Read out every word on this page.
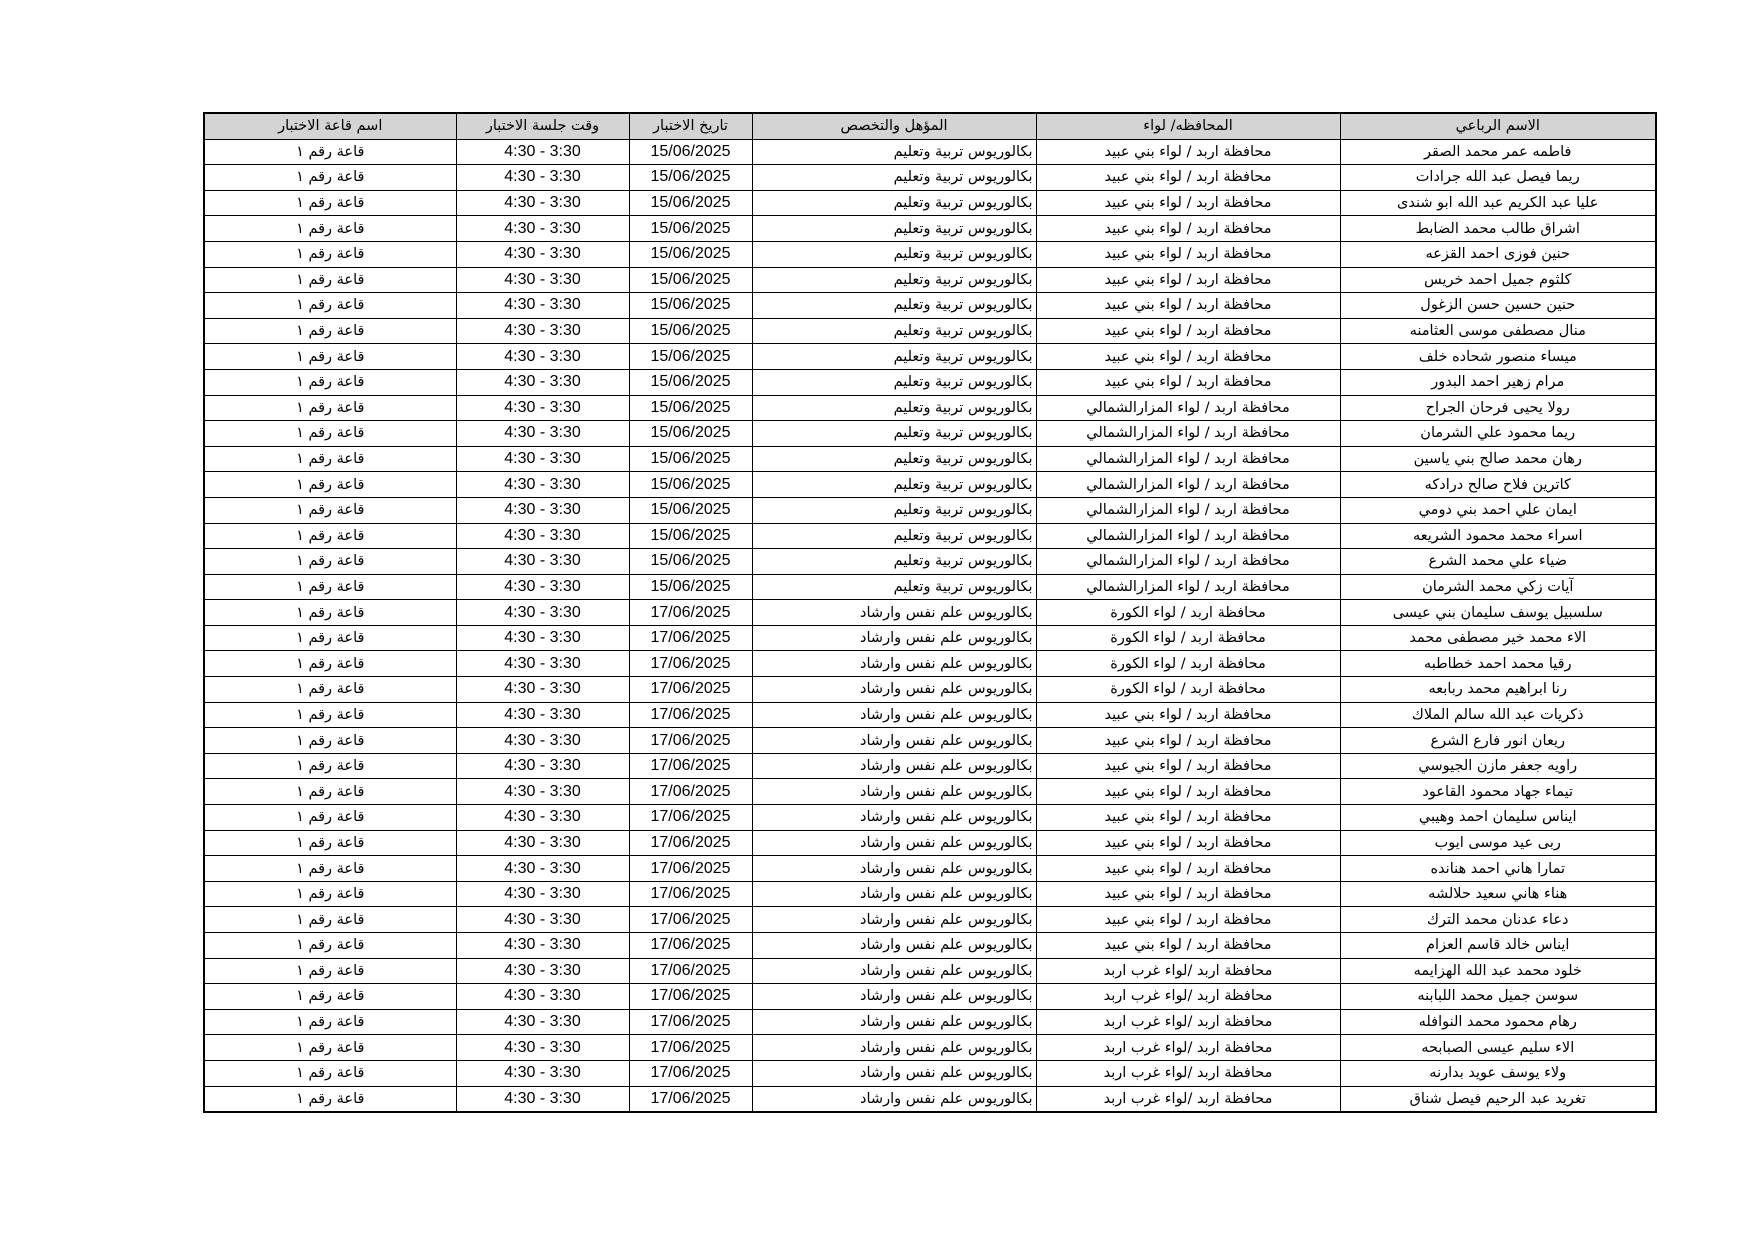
الاسم الرباعي	المحافظه/ لواء	المؤهل والتخصص	تاريخ الاختبار	وقت جلسة الاختبار	اسم قاعة الاختبار
فاطمه عمر محمد الصقر	محافظة اربد / لواء بني عبيد	بكالوريوس تربية وتعليم	15/06/2025	4:30 - 3:30	قاعة رقم ١
ريما فيصل عبد الله جرادات	محافظة اربد / لواء بني عبيد	بكالوريوس تربية وتعليم	15/06/2025	4:30 - 3:30	قاعة رقم ١
عليا عبد الكريم عبد الله ابو شندى	محافظة اربد / لواء بني عبيد	بكالوريوس تربية وتعليم	15/06/2025	4:30 - 3:30	قاعة رقم ١
اشراق طالب محمد الضابط	محافظة اربد / لواء بني عبيد	بكالوريوس تربية وتعليم	15/06/2025	4:30 - 3:30	قاعة رقم ١
حنين فوزى احمد القزعه	محافظة اربد / لواء بني عبيد	بكالوريوس تربية وتعليم	15/06/2025	4:30 - 3:30	قاعة رقم ١
كلثوم جميل احمد خريس	محافظة اربد / لواء بني عبيد	بكالوريوس تربية وتعليم	15/06/2025	4:30 - 3:30	قاعة رقم ١
حنين حسين حسن الزغول	محافظة اربد / لواء بني عبيد	بكالوريوس تربية وتعليم	15/06/2025	4:30 - 3:30	قاعة رقم ١
منال مصطفى موسى العثامنه	محافظة اربد / لواء بني عبيد	بكالوريوس تربية وتعليم	15/06/2025	4:30 - 3:30	قاعة رقم ١
ميساء منصور شحاده خلف	محافظة اربد / لواء بني عبيد	بكالوريوس تربية وتعليم	15/06/2025	4:30 - 3:30	قاعة رقم ١
مرام زهير احمد البدور	محافظة اربد / لواء بني عبيد	بكالوريوس تربية وتعليم	15/06/2025	4:30 - 3:30	قاعة رقم ١
رولا يحيى فرحان الجراح	محافظة اربد / لواء المزارالشمالي	بكالوريوس تربية وتعليم	15/06/2025	4:30 - 3:30	قاعة رقم ١
ريما محمود علي الشرمان	محافظة اربد / لواء المزارالشمالي	بكالوريوس تربية وتعليم	15/06/2025	4:30 - 3:30	قاعة رقم ١
رهان محمد صالح بني ياسين	محافظة اربد / لواء المزارالشمالي	بكالوريوس تربية وتعليم	15/06/2025	4:30 - 3:30	قاعة رقم ١
كاترين فلاح صالح درادكه	محافظة اربد / لواء المزارالشمالي	بكالوريوس تربية وتعليم	15/06/2025	4:30 - 3:30	قاعة رقم ١
ايمان علي احمد بني دومي	محافظة اربد / لواء المزارالشمالي	بكالوريوس تربية وتعليم	15/06/2025	4:30 - 3:30	قاعة رقم ١
اسراء محمد محمود الشريعه	محافظة اربد / لواء المزارالشمالي	بكالوريوس تربية وتعليم	15/06/2025	4:30 - 3:30	قاعة رقم ١
ضياء علي محمد الشرع	محافظة اربد / لواء المزارالشمالي	بكالوريوس تربية وتعليم	15/06/2025	4:30 - 3:30	قاعة رقم ١
آيات زكي محمد الشرمان	محافظة اربد / لواء المزارالشمالي	بكالوريوس تربية وتعليم	15/06/2025	4:30 - 3:30	قاعة رقم ١
سلسبيل يوسف سليمان بني عيسى	محافظة اربد / لواء الكورة	بكالوريوس علم نفس وارشاد	17/06/2025	4:30 - 3:30	قاعة رقم ١
الاء محمد خير مصطفى محمد	محافظة اربد / لواء الكورة	بكالوريوس علم نفس وارشاد	17/06/2025	4:30 - 3:30	قاعة رقم ١
رقيا محمد احمد خطاطبه	محافظة اربد / لواء الكورة	بكالوريوس علم نفس وارشاد	17/06/2025	4:30 - 3:30	قاعة رقم ١
رنا ابراهيم محمد ربابعه	محافظة اربد / لواء الكورة	بكالوريوس علم نفس وارشاد	17/06/2025	4:30 - 3:30	قاعة رقم ١
ذكريات عبد الله سالم الملاك	محافظة اربد / لواء بني عبيد	بكالوريوس علم نفس وارشاد	17/06/2025	4:30 - 3:30	قاعة رقم ١
ريعان انور فارع الشرع	محافظة اربد / لواء بني عبيد	بكالوريوس علم نفس وارشاد	17/06/2025	4:30 - 3:30	قاعة رقم ١
راويه جعفر مازن الجيوسي	محافظة اربد / لواء بني عبيد	بكالوريوس علم نفس وارشاد	17/06/2025	4:30 - 3:30	قاعة رقم ١
تيماء جهاد محمود القاعود	محافظة اربد / لواء بني عبيد	بكالوريوس علم نفس وارشاد	17/06/2025	4:30 - 3:30	قاعة رقم ١
ايناس سليمان احمد وهيبي	محافظة اربد / لواء بني عبيد	بكالوريوس علم نفس وارشاد	17/06/2025	4:30 - 3:30	قاعة رقم ١
ربى عيد موسى ايوب	محافظة اربد / لواء بني عبيد	بكالوريوس علم نفس وارشاد	17/06/2025	4:30 - 3:30	قاعة رقم ١
تمارا هاني احمد هنانده	محافظة اربد / لواء بني عبيد	بكالوريوس علم نفس وارشاد	17/06/2025	4:30 - 3:30	قاعة رقم ١
هناء هاني سعيد حلالشه	محافظة اربد / لواء بني عبيد	بكالوريوس علم نفس وارشاد	17/06/2025	4:30 - 3:30	قاعة رقم ١
دعاء عدنان محمد الترك	محافظة اربد / لواء بني عبيد	بكالوريوس علم نفس وارشاد	17/06/2025	4:30 - 3:30	قاعة رقم ١
ايناس خالد قاسم العزام	محافظة اربد / لواء بني عبيد	بكالوريوس علم نفس وارشاد	17/06/2025	4:30 - 3:30	قاعة رقم ١
خلود محمد عبد الله الهزايمه	محافظة اربد /لواء غرب اربد	بكالوريوس علم نفس وارشاد	17/06/2025	4:30 - 3:30	قاعة رقم ١
سوسن جميل محمد اللبابنه	محافظة اربد /لواء غرب اربد	بكالوريوس علم نفس وارشاد	17/06/2025	4:30 - 3:30	قاعة رقم ١
رهام محمود محمد النوافله	محافظة اربد /لواء غرب اربد	بكالوريوس علم نفس وارشاد	17/06/2025	4:30 - 3:30	قاعة رقم ١
الاء سليم عيسى الصبابحه	محافظة اربد /لواء غرب اربد	بكالوريوس علم نفس وارشاد	17/06/2025	4:30 - 3:30	قاعة رقم ١
ولاء يوسف عويد بدارنه	محافظة اربد /لواء غرب اربد	بكالوريوس علم نفس وارشاد	17/06/2025	4:30 - 3:30	قاعة رقم ١
تغريد عبد الرحيم فيصل شناق	محافظة اربد /لواء غرب اربد	بكالوريوس علم نفس وارشاد	17/06/2025	4:30 - 3:30	قاعة رقم ١
